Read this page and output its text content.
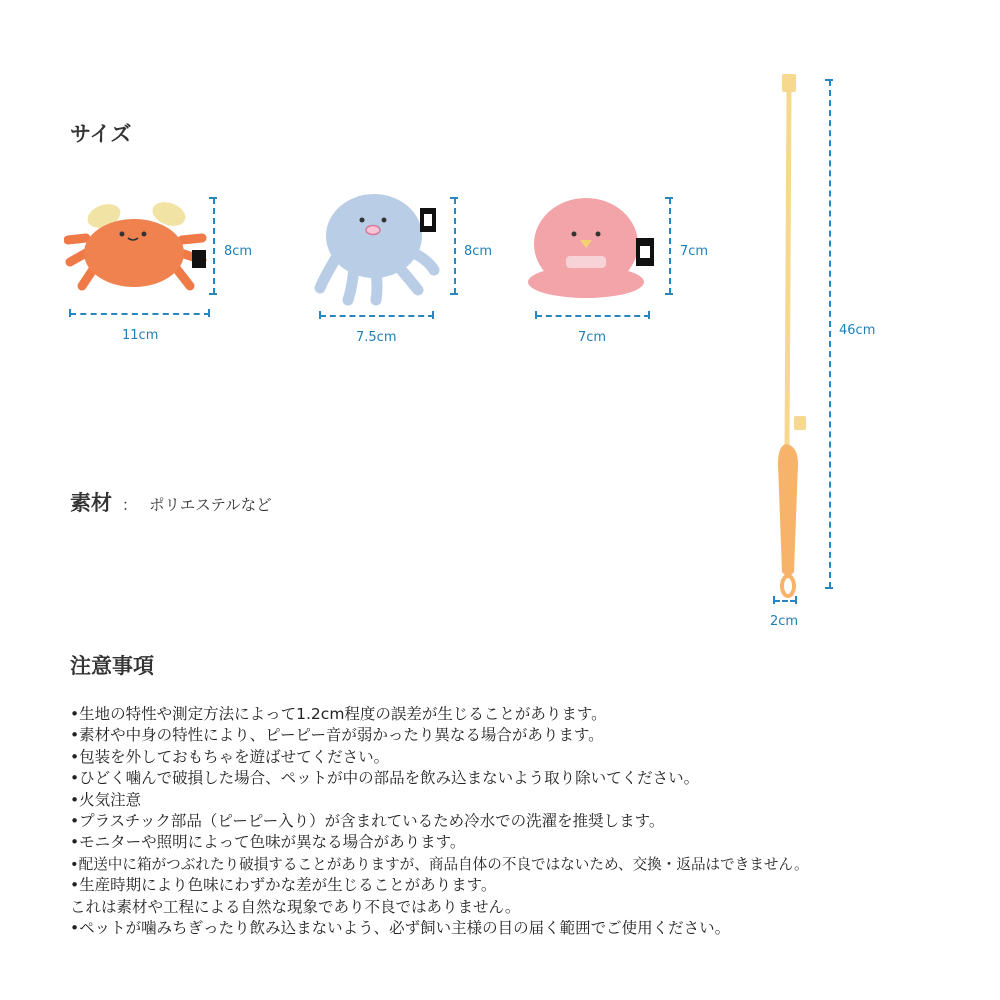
サイズ
8cm
11cm
8cm
7.5cm
7cm
7cm	46cm
2cm
素材 ： ポリエステルなど
注意事項
•生地の特性や測定方法によって1.2cm程度の誤差が生じることがあります。
•素材や中身の特性により、ピーピー音が弱かったり異なる場合があります。
•包装を外しておもちゃを遊ばせてください。
•ひどく噛んで破損した場合、ペットが中の部品を飲み込まないよう取り除いてください。
•火気注意
•プラスチック部品（ピーピー入り）が含まれているため冷水での洗濯を推奨します。
•モニターや照明によって色味が異なる場合があります。
•配送中に箱がつぶれたり破損することがありますが、商品自体の不良ではないため、交換・返品はできません。
•生産時期により色味にわずかな差が生じることがあります。
これは素材や工程による自然な現象であり不良ではありません。
•ペットが噛みちぎったり飲み込まないよう、必ず飼い主様の目の届く範囲でご使用ください。
